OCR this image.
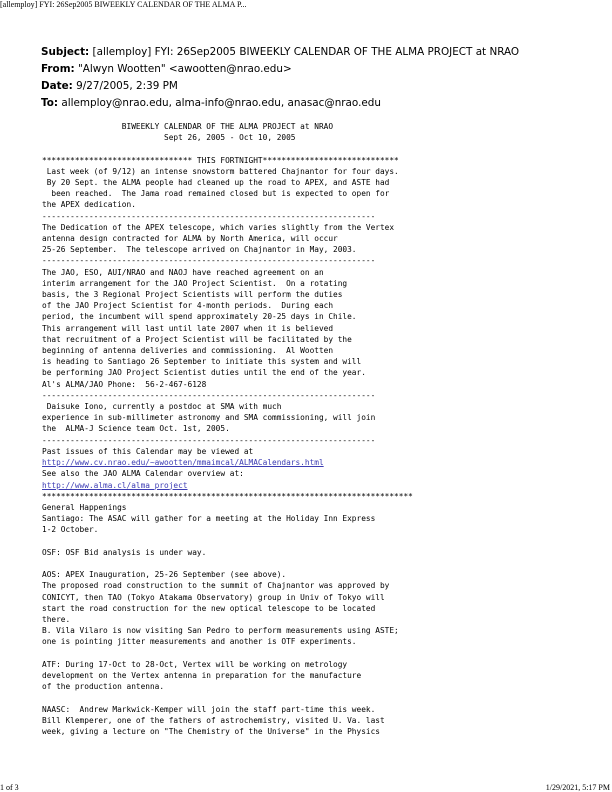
[allemploy] FYI: 26Sep2005 BIWEEKLY CALENDAR OF THE ALMA P...
Subject: [allemploy] FYI: 26Sep2005 BIWEEKLY CALENDAR OF THE ALMA PROJECT at NRAO
From: "Alwyn Wootten" <awootten@nrao.edu>
Date: 9/27/2005, 2:39 PM
To: allemploy@nrao.edu, alma-info@nrao.edu, anasac@nrao.edu
BIWEEKLY CALENDAR OF THE ALMA PROJECT at NRAO
Sept 26, 2005 - Oct 10, 2005

******************************** THIS FORTNIGHT*****************************
Last week (of 9/12) an intense snowstorm battered Chajnantor for four days.
By 20 Sept. the ALMA people had cleaned up the road to APEX, and ASTE had
been reached.  The Jama road remained closed but is expected to open for
the APEX dedication.
-----------------------------------------------------------------------
The Dedication of the APEX telescope, which varies slightly from the Vertex
antenna design contracted for ALMA by North America, will occur
25-26 September.  The telescope arrived on Chajnantor in May, 2003.
-----------------------------------------------------------------------
The JAO, ESO, AUI/NRAO and NAOJ have reached agreement on an
interim arrangement for the JAO Project Scientist.  On a rotating
basis, the 3 Regional Project Scientists will perform the duties
of the JAO Project Scientist for 4-month periods.  During each
period, the incumbent will spend approximately 20-25 days in Chile.
This arrangement will last until late 2007 when it is believed
that recruitment of a Project Scientist will be facilitated by the
beginning of antenna deliveries and commissioning.  Al Wootten
is heading to Santiago 26 September to initiate this system and will
be performing JAO Project Scientist duties until the end of the year.
Al's ALMA/JAO Phone:  56-2-467-6128
-----------------------------------------------------------------------
Daisuke Iono, currently a postdoc at SMA with much
experience in sub-millimeter astronomy and SMA commissioning, will join
the  ALMA-J Science team Oct. 1st, 2005.
-----------------------------------------------------------------------
Past issues of this Calendar may be viewed at
http://www.cv.nrao.edu/~awootten/mmaimcal/ALMACalendars.html
See also the JAO ALMA Calendar overview at:
http://www.alma.cl/alma_project
*******************************************************************************
General Happenings
Santiago: The ASAC will gather for a meeting at the Holiday Inn Express
1-2 October.

OSF: OSF Bid analysis is under way.

AOS: APEX Inauguration, 25-26 September (see above).
The proposed road construction to the summit of Chajnantor was approved by
CONICYT, then TAO (Tokyo Atakama Observatory) group in Univ of Tokyo will
start the road construction for the new optical telescope to be located
there.
B. Vila Vilaro is now visiting San Pedro to perform measurements using ASTE;
one is pointing jitter measurements and another is OTF experiments.

ATF: During 17-Oct to 28-Oct, Vertex will be working on metrology
development on the Vertex antenna in preparation for the manufacture
of the production antenna.

NAASC:  Andrew Markwick-Kemper will join the staff part-time this week.
Bill Klemperer, one of the fathers of astrochemistry, visited U. Va. last
week, giving a lecture on "The Chemistry of the Universe" in the Physics
1 of 3	1/29/2021, 5:17 PM
